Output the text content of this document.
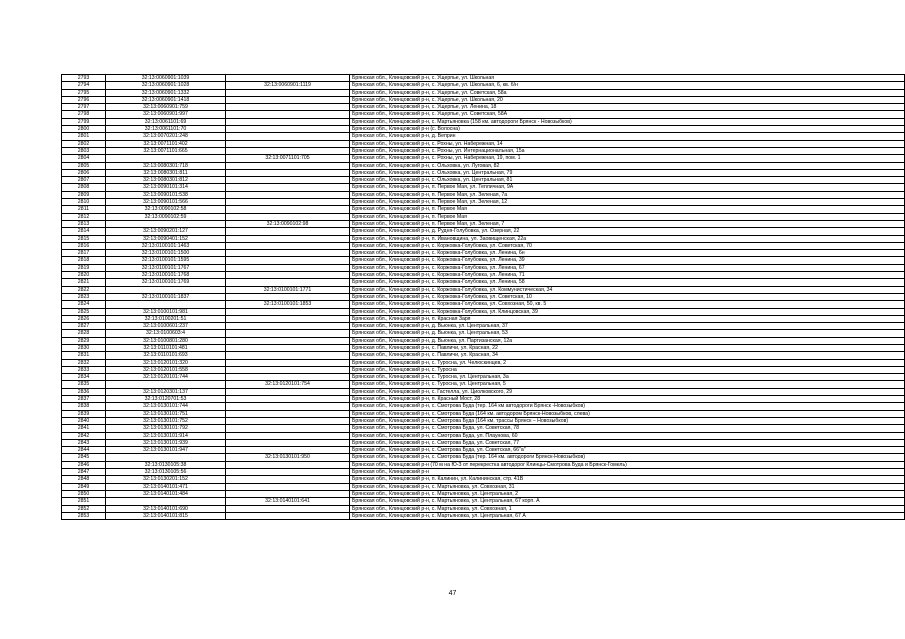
2793	32:13:0060901:1039		Брянская обл., Клинцовский р-н, с. Ущерпье, ул. Школьная
2794	32:13:0060901:1028	32:13:0060901:1119	Брянская обл., Клинцовский р-н, с. Ущерпье, ул. Школьная, 6, кв. б/н
2795	32:13:0060901:1332		Брянская обл., Клинцовский р-н, с. Ущерпье, ул. Советская, 58а
2796	32:13:0060901:1418		Брянская обл., Клинцовский р-н, с. Ущерпье, ул. Школьная, 20
2797	32:13:0060901:759		Брянская обл., Клинцовский р-н, с. Ущерпье, ул. Ленина, 18
2798	32:13:0060901:997		Брянская обл., Клинцовский р-н, с. Ущерпье, ул. Советская, 58А
2799	32:13:0061101:69		Брянская обл., Клинцовский р-н, с. Мартьяновка (158 км. автодороги Брянск - Новозыбков)
2800	32:13:0061101:70		Брянская обл., Клинцовский р-н (с. Волосна)
2801	32:13:0070201:248		Брянская обл., Клинцовский р-н, д. Веприн
2802	32:13:0071101:402		Брянская обл., Клинцовский р-н, с. Рохны, ул. Набережная, 14
2803	32:13:0071101:665		Брянская обл., Клинцовский р-н, с. Рохны, ул. Интернациональная, 15а
2804		32:13:0071101:705	Брянская обл., Клинцовский р-н, с. Рохны, ул. Набережная, 19, пом. 1
2805	32:13:0080301:718		Брянская обл., Клинцовский р-н, с. Ольховка, ул. Луговая, 82
2806	32:13:0080301:811		Брянская обл., Клинцовский р-н, с. Ольховка, ул. Центральная, 79
2807	32:13:0080301:812		Брянская обл., Клинцовский р-н, с. Ольховка, ул. Центральная, 81
2808	32:13:0090101:314		Брянская обл., Клинцовский р-н, п. Первое Мая, ул. Тепличная, 9А
2809	32:13:0090101:538		Брянская обл., Клинцовский р-н, п. Первое Мая, ул. Зеленая, 7а
2810	32:13:0090101:566		Брянская обл., Клинцовский р-н, п. Первое Мая, ул. Зеленая, 12
2811	32:13:0090102:58		Брянская обл., Клинцовский р-н, п. Первое Мая
2812	32:13:0090102:59		Брянская обл., Клинцовский р-н, п. Первое Мая
2813		32:13:0090102:98	Брянская обл., Клинцовский р-н, п. Первое Мая, ул. Зеленая, 7
2814	32:13:0090201:127		Брянская обл., Клинцовский р-н, д. Рудня-Голубовка, ул. Озерная, 22
2815	32:13:0090401:152		Брянская обл., Клинцовский р-н, п. Ивановщина, ул. Заовищенская, 22а
2816	32:13:0100101:1463		Брянская обл., Клинцовский р-н, с. Коржовка-Голубовка, ул. Советская, 70
2817	32:13:0100101:1500		Брянская обл., Клинцовский р-н, с. Коржовка-Голубовка, ул. Ленина, 6н
2818	32:13:0100101:1595		Брянская обл., Клинцовский р-н, с. Коржовка-Голубовка, ул. Ленина, 39
2819	32:13:0100101:1767		Брянская обл., Клинцовский р-н, с. Коржовка-Голубовка, ул. Ленина, 67
2820	32:13:0100101:1768		Брянская обл., Клинцовский р-н, с. Коржовка-Голубовка, ул. Ленина, 71
2821	32:13:0100101:1769		Брянская обл., Клинцовский р-н, с. Коржовка-Голубовка, ул. Ленина, 58
2822		32:13:0100101:1771	Брянская обл., Клинцовский р-н, с. Коржовка-Голубовка, ул. Коммунистическая, 34
2823	32:13:0100101:1837		Брянская обл., Клинцовский р-н, с. Коржовка-Голубовка, ул. Советская, 10
2824		32:13:0100101:1853	Брянская обл., Клинцовский р-н, с. Коржовка-Голубовка, ул. Совхозная, 50, кв. 5
2825	32:13:0100101:981		Брянская обл., Клинцовский р-н, с. Коржовка-Голубовка, ул. Клинцовская, 39
2826	32:13:0100201:51		Брянская обл., Клинцовский р-н, п. Красная Заря
2827	32:13:0100601:237		Брянская обл., Клинцовский р-н, д. Вьюнка, ул. Центральная, 37
2828	32:13:0100603:4		Брянская обл., Клинцовский р-н, д. Вьюнка, ул. Центральная, 53
2829	32:13:0100801:280		Брянская обл., Клинцовский р-н, д. Вьюнка, ул. Партизанская, 12а
2830	32:13:0110101:481		Брянская обл., Клинцовский р-н, с. Павличи, ул. Красная, 22
2831	32:13:0110101:693		Брянская обл., Клинцовский р-н, с. Павличи, ул. Красная, 34
2832	32:13:0120101:320		Брянская обл., Клинцовский р-н, с. Туросна, ул. Челюскинцев, 2
2833	32:13:0120101:558		Брянская обл., Клинцовский р-н, с. Туросна
2834	32:13:0120101:744		Брянская обл., Клинцовский р-н, с. Туросна, ул. Центральная, 3а
2835		32:13:0120101:754	Брянская обл., Клинцовский р-н, с. Туросна, ул. Центральная, 5
2836	32:13:0120301:137		Брянская обл., Клинцовский р-н, с. Гастелла, ул. Циолковского, 29
2837	32:13:0120701:53		Брянская обл., Клинцовский р-н, п. Красный Мост, 28
2838	32:13:0130101:744		Брянская обл., Клинцовский р-н, с. Смотрова Буда (тер. 164 км автодороги Брянск -Новозыбков)
2839	32:13:0130101:751		Брянская обл., Клинцовский р-н, с. Смотрова Буда (164 км. автодором Брянск-Новозыбков, слева)
2840	32:13:0130101:752		Брянская обл., Клинцовский р-н, с. Смотрова Буда (164 км. трассы Брянск – Новозыбков)
2841	32:13:0130101:792		Брянская обл., Клинцовский р-н, с. Смотрова Буда, ул. Советская, 78
2842	32:13:0130101:914		Брянская обл., Клинцовский р-н, с. Смотрова Буда, ул. Плаунова, 60
2843	32:13:0130101:939		Брянская обл., Клинцовский р-н, с. Смотрова Буда, ул. Советская, 77
2844	32:13:0130101:947		Брянская обл., Клинцовский р-н, с. Смотрова Буда, ул. Советская, 66"а"
2845		32:13:0130101:950	Брянская обл., Клинцовский р-н, с. Смотрова Буда (тер. 164 км. автодороги Брянск-Новозыбков)
2846	32:13:0130105:38		Брянская обл., Клинцовский р-н (70 м на Ю-З от перекрестка автодорог Клинцы-Смотрова Буда и Брянск-Гомель)
2847	32:13:0130105:56		Брянская обл., Клинцовский р-н
2848	32:13:0130201:152		Брянская обл., Клинцовский р-н, п. Калинин, ул. Калининская, стр. 41В
2849	32:13:0140101:471		Брянская обл., Клинцовский р-н, с. Мартьяновка, ул. Совхозная, 31
2850	32:13:0140101:484		Брянская обл., Клинцовский р-н, с. Мартьяновка, ул. Центральная, 2
2851		32:13:0140101:641	Брянская обл., Клинцовский р-н, с. Мартьяновка, ул. Центральная, 67 корп. А
2852	32:13:0140101:690		Брянская обл., Клинцовский р-н, с. Мартьяновка, ул. Совхозная, 1
2853	32:13:0140101:815		Брянская обл., Клинцовский р-н, с. Мартьяновка, ул. Центральная, 67 А
47
